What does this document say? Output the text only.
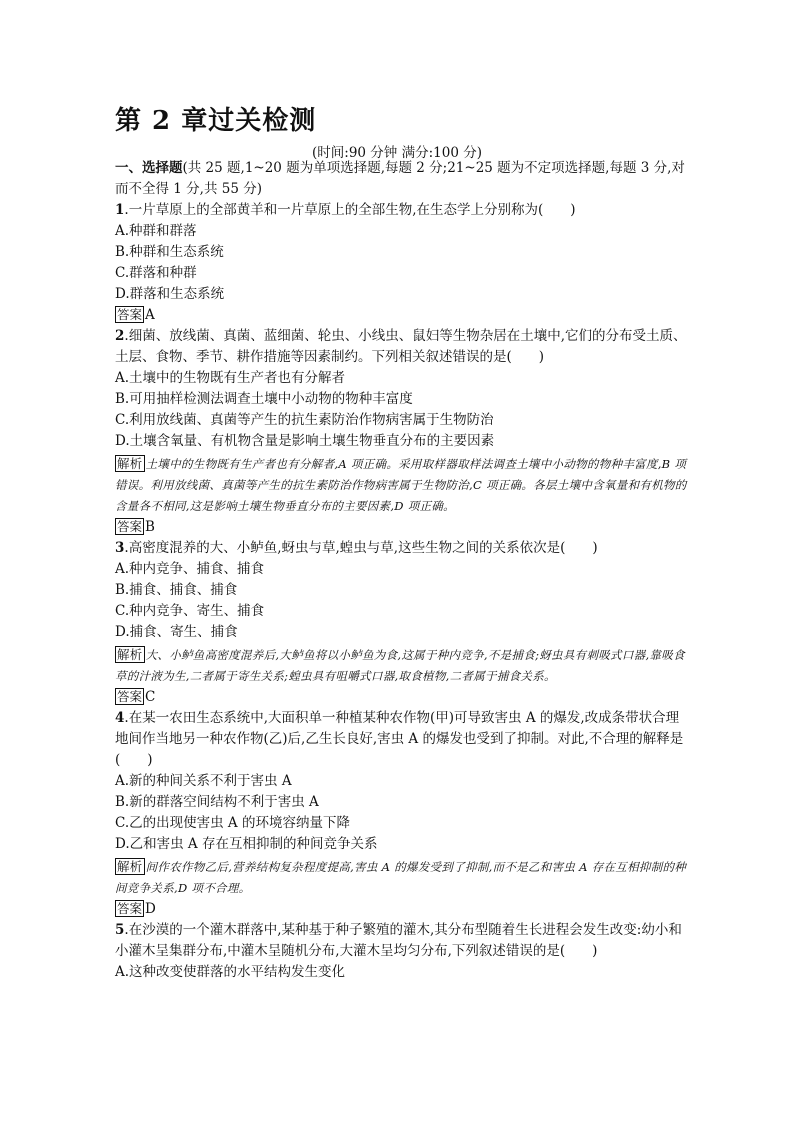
第 2 章过关检测
(时间:90 分钟 满分:100 分)

一、选择题(共 25 题,1~20 题为单项选择题,每题 2 分;21~25 题为不定项选择题,每题 3 分,对而不全得 1 分,共 55 分)

1.一片草原上的全部黄羊和一片草原上的全部生物,在生态学上分别称为(　　)

A.种群和群落

B.种群和生态系统

C.群落和种群

D.群落和生态系统

答案 A

2.细菌、放线菌、真菌、蓝细菌、轮虫、小线虫、鼠妇等生物杂居在土壤中,它们的分布受土质、土层、食物、季节、耕作措施等因素制约。下列相关叙述错误的是(　　)

A.土壤中的生物既有生产者也有分解者

B.可用抽样检测法调查土壤中小动物的物种丰富度

C.利用放线菌、真菌等产生的抗生素防治作物病害属于生物防治

D.土壤含氧量、有机物含量是影响土壤生物垂直分布的主要因素

解析 土壤中的生物既有生产者也有分解者,A 项正确。采用取样器取样法调查土壤中小动物的物种丰富度,B 项错误。利用放线菌、真菌等产生的抗生素防治作物病害属于生物防治,C 项正确。各层土壤中含氧量和有机物的含量各不相同,这是影响土壤生物垂直分布的主要因素,D 项正确。

答案 B

3.高密度混养的大、小鲈鱼,蚜虫与草,蝗虫与草,这些生物之间的关系依次是(　　)

A.种内竞争、捕食、捕食

B.捕食、捕食、捕食

C.种内竞争、寄生、捕食

D.捕食、寄生、捕食

解析 大、小鲈鱼高密度混养后,大鲈鱼将以小鲈鱼为食,这属于种内竞争,不是捕食;蚜虫具有刺吸式口器,靠吸食草的汁液为生,二者属于寄生关系;蝗虫具有咀嚼式口器,取食植物,二者属于捕食关系。

答案 C

4.在某一农田生态系统中,大面积单一种植某种农作物(甲)可导致害虫 A 的爆发,改成条带状合理地间作当地另一种农作物(乙)后,乙生长良好,害虫 A 的爆发也受到了抑制。对此,不合理的解释是(　　)

A.新的种间关系不利于害虫 A

B.新的群落空间结构不利于害虫 A

C.乙的出现使害虫 A 的环境容纳量下降

D.乙和害虫 A 存在互相抑制的种间竞争关系

解析 间作农作物乙后,营养结构复杂程度提高,害虫 A 的爆发受到了抑制,而不是乙和害虫 A 存在互相抑制的种间竞争关系,D 项不合理。

答案 D

5.在沙漠的一个灌木群落中,某种基于种子繁殖的灌木,其分布型随着生长进程会发生改变:幼小和小灌木呈集群分布,中灌木呈随机分布,大灌木呈均匀分布,下列叙述错误的是(　　)

A.这种改变使群落的水平结构发生变化
